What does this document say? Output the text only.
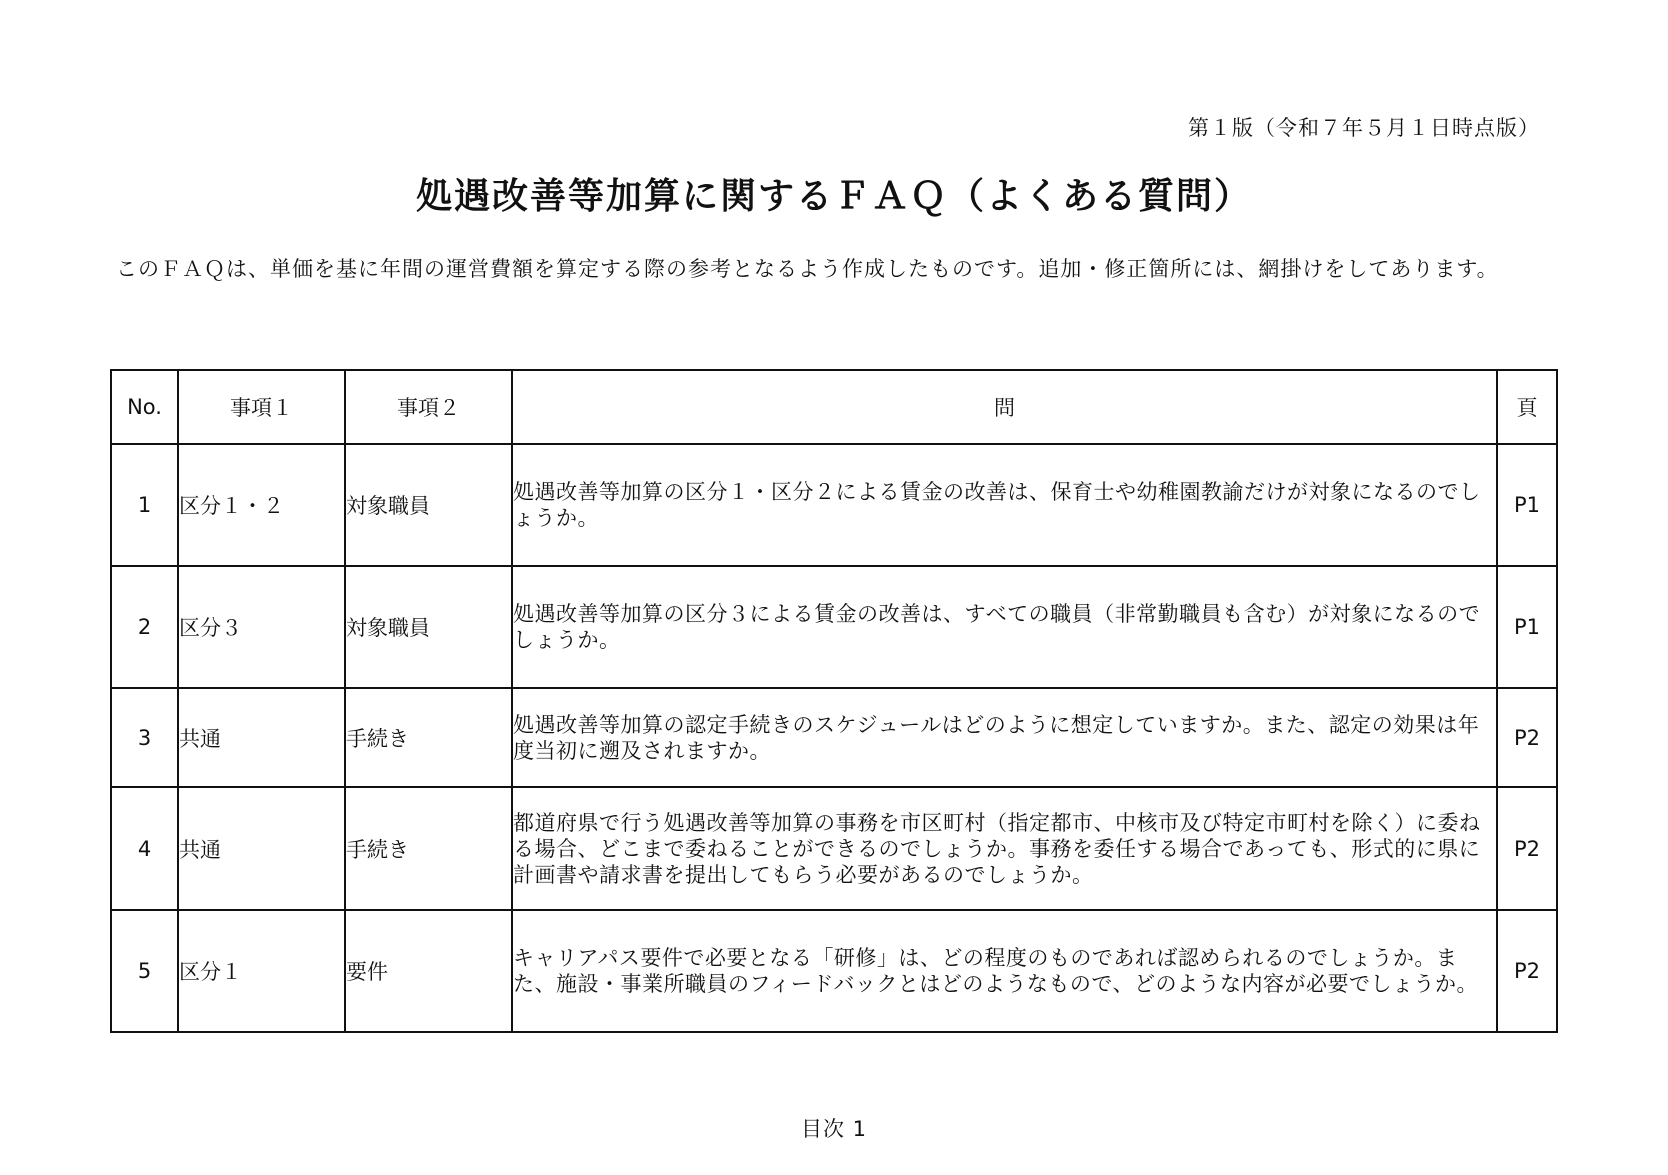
第１版（令和７年５月１日時点版）
処遇改善等加算に関するＦＡＱ（よくある質問）
このＦＡＱは、単価を基に年間の運営費額を算定する際の参考となるよう作成したものです。追加・修正箇所には、網掛けをしてあります。
No.	事項１	事項２	問	頁
1	区分１・２	対象職員	処遇改善等加算の区分１・区分２による賃金の改善は、保育士や幼稚園教諭だけが対象になるのでしょうか。	P1
2	区分３	対象職員	処遇改善等加算の区分３による賃金の改善は、すべての職員（非常勤職員も含む）が対象になるのでしょうか。	P1
3	共通	手続き	処遇改善等加算の認定手続きのスケジュールはどのように想定していますか。また、認定の効果は年度当初に遡及されますか。	P2
4	共通	手続き	都道府県で行う処遇改善等加算の事務を市区町村（指定都市、中核市及び特定市町村を除く）に委ねる場合、どこまで委ねることができるのでしょうか。事務を委任する場合であっても、形式的に県に計画書や請求書を提出してもらう必要があるのでしょうか。	P2
5	区分１	要件	キャリアパス要件で必要となる「研修」は、どの程度のものであれば認められるのでしょうか。また、施設・事業所職員のフィードバックとはどのようなもので、どのような内容が必要でしょうか。	P2
目次 1
